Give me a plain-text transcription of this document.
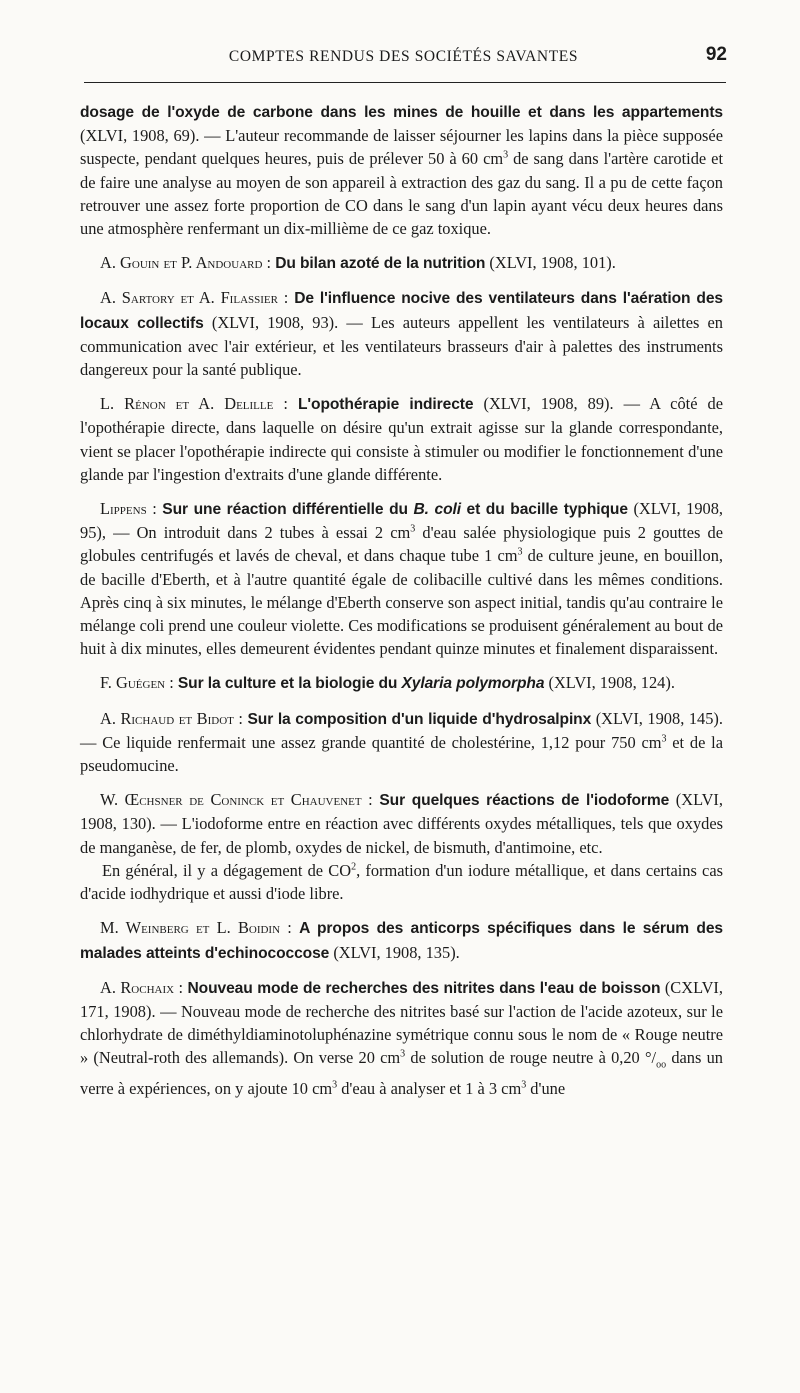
COMPTES RENDUS DES SOCIÉTÉS SAVANTES	92

dosage de l'oxyde de carbone dans les mines de houille et dans les appartements (XLVI, 1908, 69). — L'auteur recommande de laisser séjourner les lapins dans la pièce supposée suspecte, pendant quelques heures, puis de prélever 50 à 60 $cm^3$ de sang dans l'artère carotide et de faire une analyse au moyen de son appareil à extraction des gaz du sang. Il a pu de cette façon retrouver une assez forte proportion de CO dans le sang d'un lapin ayant vécu deux heures dans une atmosphère renfermant un dix-millième de ce gaz toxique.

A. Gouin et P. Andouard : Du bilan azoté de la nutrition (XLVI, 1908, 101).

A. Sartory et A. Filassier : De l'influence nocive des ventilateurs dans l'aération des locaux collectifs (XLVI, 1908, 93). — Les auteurs appellent les ventilateurs à ailettes en communication avec l'air extérieur, et les ventilateurs brasseurs d'air à palettes des instruments dangereux pour la santé publique.

L. Rénon et A. Delille : L'opothérapie indirecte (XLVI, 1908, 89). — A côté de l'opothérapie directe, dans laquelle on désire qu'un extrait agisse sur la glande correspondante, vient se placer l'opothérapie indirecte qui consiste à stimuler ou modifier le fonctionnement d'une glande par l'ingestion d'extraits d'une glande différente.

Lippens : Sur une réaction différentielle du B. coli et du bacille typhique (XLVI, 1908, 95), — On introduit dans 2 tubes à essai 2 $cm^3$ d'eau salée physiologique puis 2 gouttes de globules centrifugés et lavés de cheval, et dans chaque tube 1 $cm^3$ de culture jeune, en bouillon, de bacille d'Eberth, et à l'autre quantité égale de colibacille cultivé dans les mêmes conditions. Après cinq à six minutes, le mélange d'Eberth conserve son aspect initial, tandis qu'au contraire le mélange coli prend une couleur violette. Ces modifications se produisent généralement au bout de huit à dix minutes, elles demeurent évidentes pendant quinze minutes et finalement disparaissent.

F. Guégen : Sur la culture et la biologie du Xylaria polymorpha (XLVI, 1908, 124).

A. Richaud et Bidot : Sur la composition d'un liquide d'hydrosalpinx (XLVI, 1908, 145). — Ce liquide renfermait une assez grande quantité de cholestérine, 1,12 pour 750 $cm^3$ et de la pseudomucine.

W. Œchsner de Coninck et Chauvenet : Sur quelques réactions de l'iodoforme (XLVI, 1908, 130). — L'iodoforme entre en réaction avec différents oxydes métalliques, tels que oxydes de manganèse, de fer, de plomb, oxydes de nickel, de bismuth, d'antimoine, etc.

En général, il y a dégagement de $CO^2$, formation d'un iodure métallique, et dans certains cas d'acide iodhydrique et aussi d'iode libre.

M. Weinberg et L. Boidin : A propos des anticorps spécifiques dans le sérum des malades atteints d'echinococcose (XLVI, 1908, 135).

A. Rochaix : Nouveau mode de recherches des nitrites dans l'eau de boisson (CXLVI, 171, 1908). — Nouveau mode de recherche des nitrites basé sur l'action de l'acide azoteux, sur le chlorhydrate de diméthyldiaminotoluphénazine symétrique connu sous le nom de « Rouge neutre » (Neutral-roth des allemands). On verse 20 $cm^3$ de solution de rouge neutre à 0,20 $^\circ/_{oo}$ dans un verre à expériences, on y ajoute 10 $cm^3$ d'eau à analyser et 1 à 3 $cm^3$ d'une
